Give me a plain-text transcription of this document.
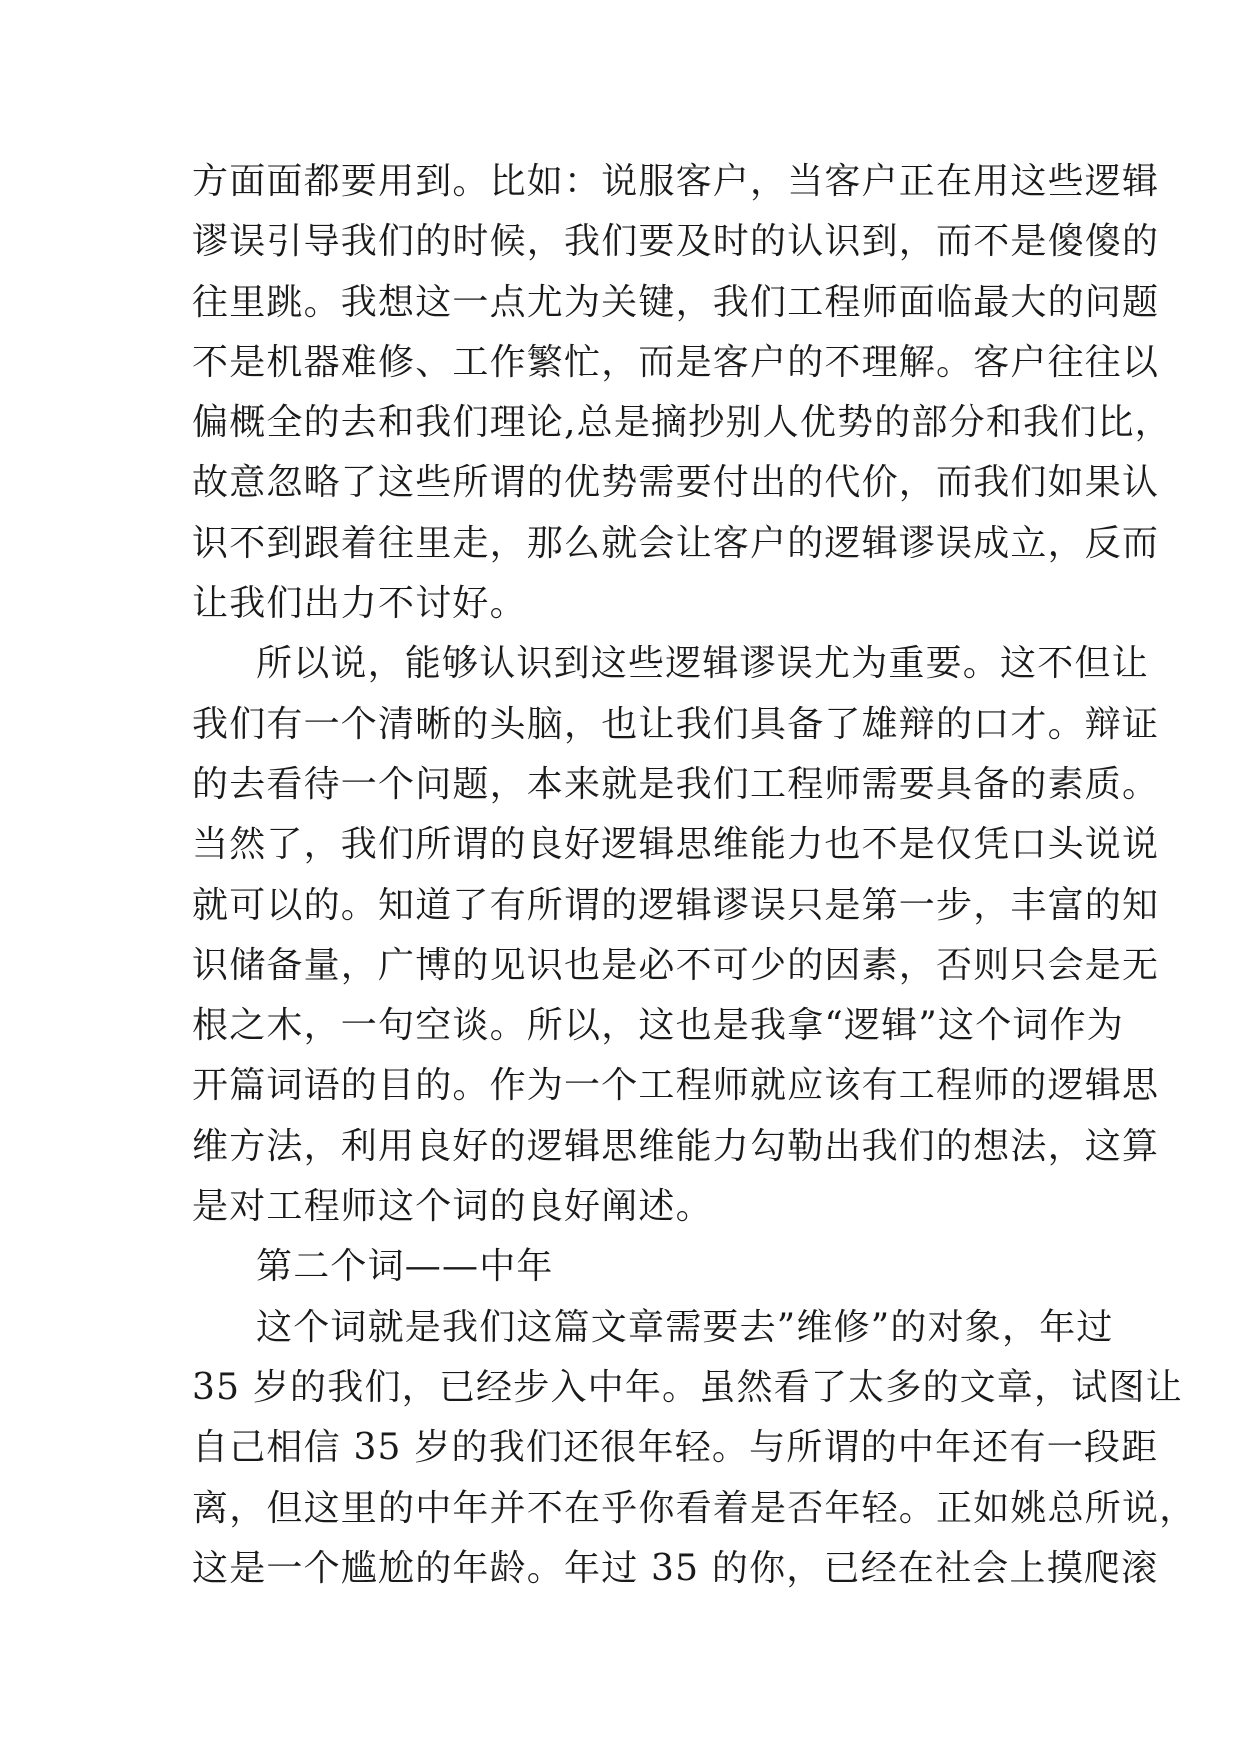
方面面都要用到。比如：说服客户，当客户正在用这些逻辑
谬误引导我们的时候，我们要及时的认识到，而不是傻傻的
往里跳。我想这一点尤为关键，我们工程师面临最大的问题
不是机器难修、工作繁忙，而是客户的不理解。客户往往以
偏概全的去和我们理论,总是摘抄别人优势的部分和我们比，
故意忽略了这些所谓的优势需要付出的代价，而我们如果认
识不到跟着往里走，那么就会让客户的逻辑谬误成立，反而
让我们出力不讨好。
所以说，能够认识到这些逻辑谬误尤为重要。这不但让
我们有一个清晰的头脑，也让我们具备了雄辩的口才。辩证
的去看待一个问题，本来就是我们工程师需要具备的素质。
当然了，我们所谓的良好逻辑思维能力也不是仅凭口头说说
就可以的。知道了有所谓的逻辑谬误只是第一步，丰富的知
识储备量，广博的见识也是必不可少的因素，否则只会是无
根之木，一句空谈。所以，这也是我拿“逻辑”这个词作为
开篇词语的目的。作为一个工程师就应该有工程师的逻辑思
维方法，利用良好的逻辑思维能力勾勒出我们的想法，这算
是对工程师这个词的良好阐述。
第二个词——中年
这个词就是我们这篇文章需要去”维修”的对象，年过
35 岁的我们，已经步入中年。虽然看了太多的文章，试图让
自己相信 35 岁的我们还很年轻。与所谓的中年还有一段距
离，但这里的中年并不在乎你看着是否年轻。正如姚总所说，
这是一个尴尬的年龄。年过 35 的你，已经在社会上摸爬滚
